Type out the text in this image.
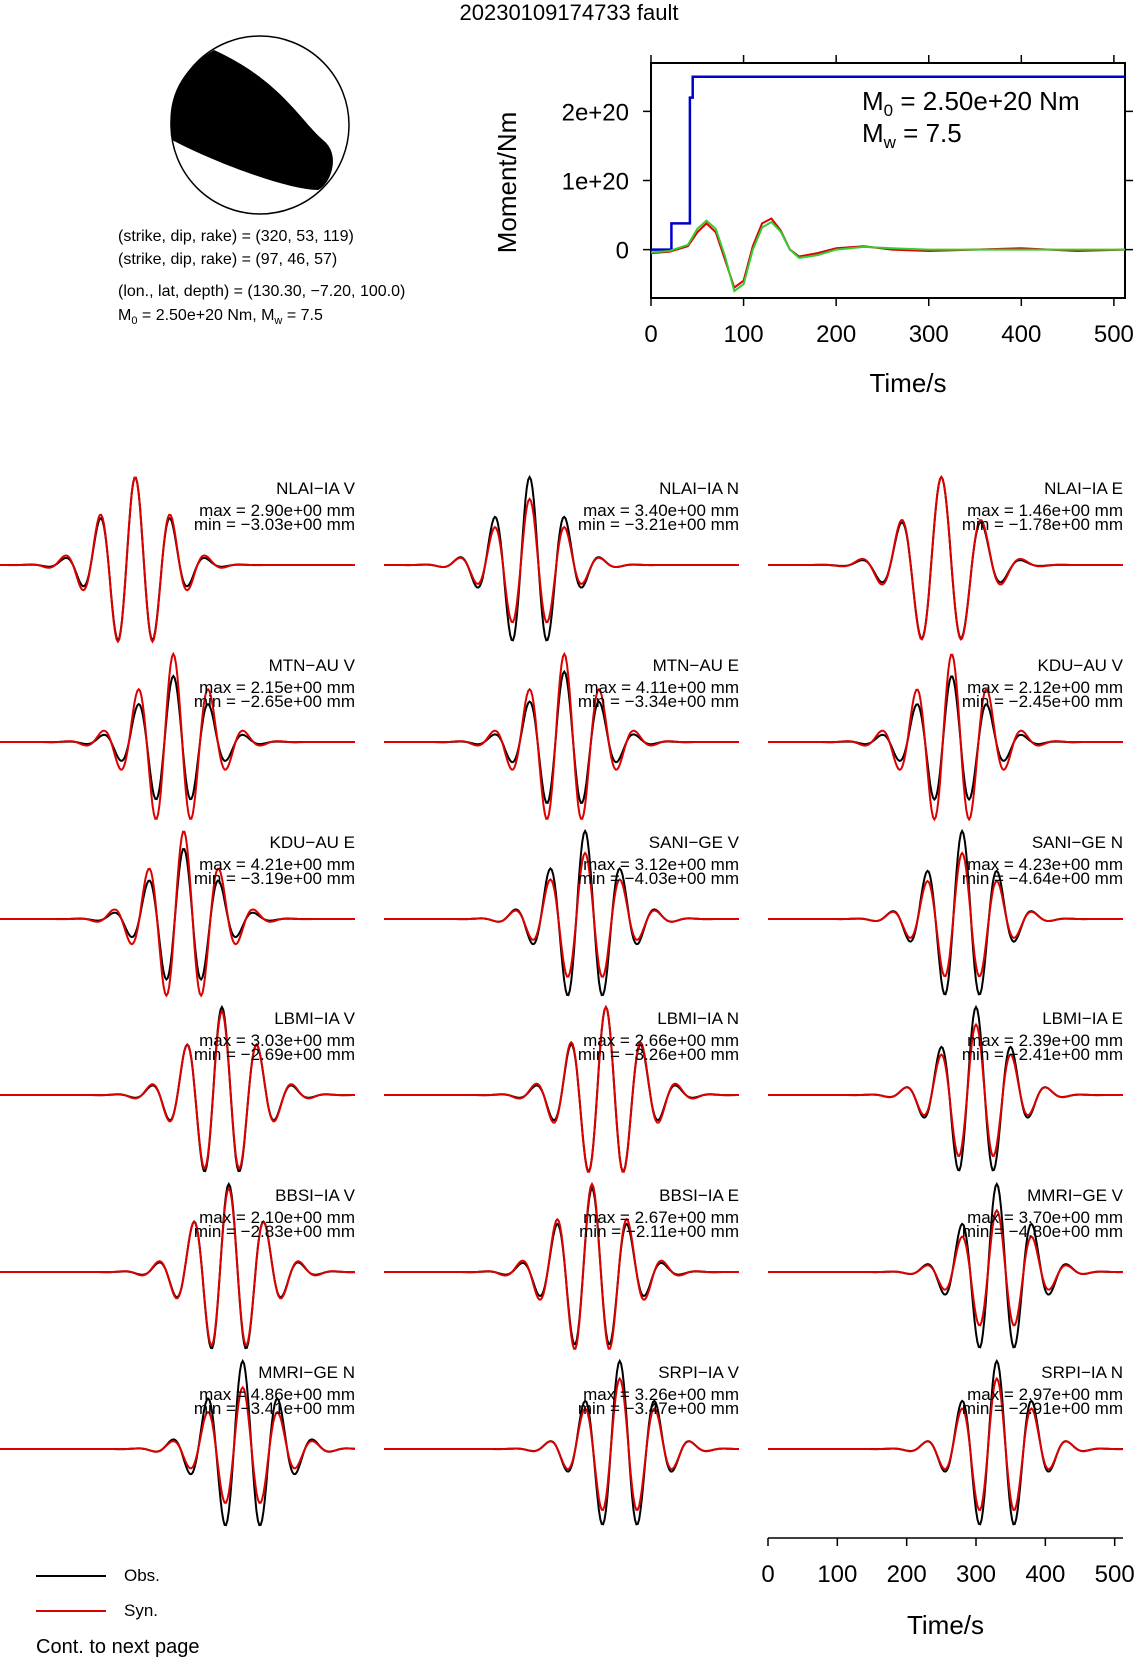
20230109174733 fault
(strike, dip, rake) = (320, 53, 119)
(strike, dip, rake) = (97, 46, 57)
(lon., lat, depth) = (130.30, −7.20, 100.0)
$M_0 = 2.50e+20$ Nm, $M_w = 7.5$
0	100 200 300 400 500
0
1e+20
2e+20
Time/s
Moment/Nm
$M_0 = 2.50e+20$ Nm
$M_w = 7.5$
NLAI−IA V
max = 2.90e+00 mm
min = −3.03e+00 mm
NLAI−IA N
max = 3.40e+00 mm
min = −3.21e+00 mm
NLAI−IA E
max = 1.46e+00 mm
min = −1.78e+00 mm
MTN−AU V
max = 2.15e+00 mm
min = −2.65e+00 mm
MTN−AU E
max = 4.11e+00 mm
min = −3.34e+00 mm
KDU−AU V
max = 2.12e+00 mm
min = −2.45e+00 mm
KDU−AU E
max = 4.21e+00 mm
min = −3.19e+00 mm
SANI−GE V
max = 3.12e+00 mm
min = −4.03e+00 mm
SANI−GE N
max = 4.23e+00 mm
min = −4.64e+00 mm
LBMI−IA V
max = 3.03e+00 mm
min = −2.69e+00 mm
LBMI−IA N
max = 2.66e+00 mm
min = −3.26e+00 mm
LBMI−IA E
max = 2.39e+00 mm
min = −2.41e+00 mm
BBSI−IA V
max = 2.10e+00 mm
min = −2.83e+00 mm
BBSI−IA E
max = 2.67e+00 mm
min = −2.11e+00 mm
MMRI−GE V
max = 3.70e+00 mm
min = −4.80e+00 mm
MMRI−GE N
max = 4.86e+00 mm
min = −3.41e+00 mm
SRPI−IA V
max = 3.26e+00 mm
min = −3.47e+00 mm
SRPI−IA N
max = 2.97e+00 mm
min = −2.91e+00 mm
0 100 200 300 400 500
Time/s
Obs.
Syn.
Cont. to next page
